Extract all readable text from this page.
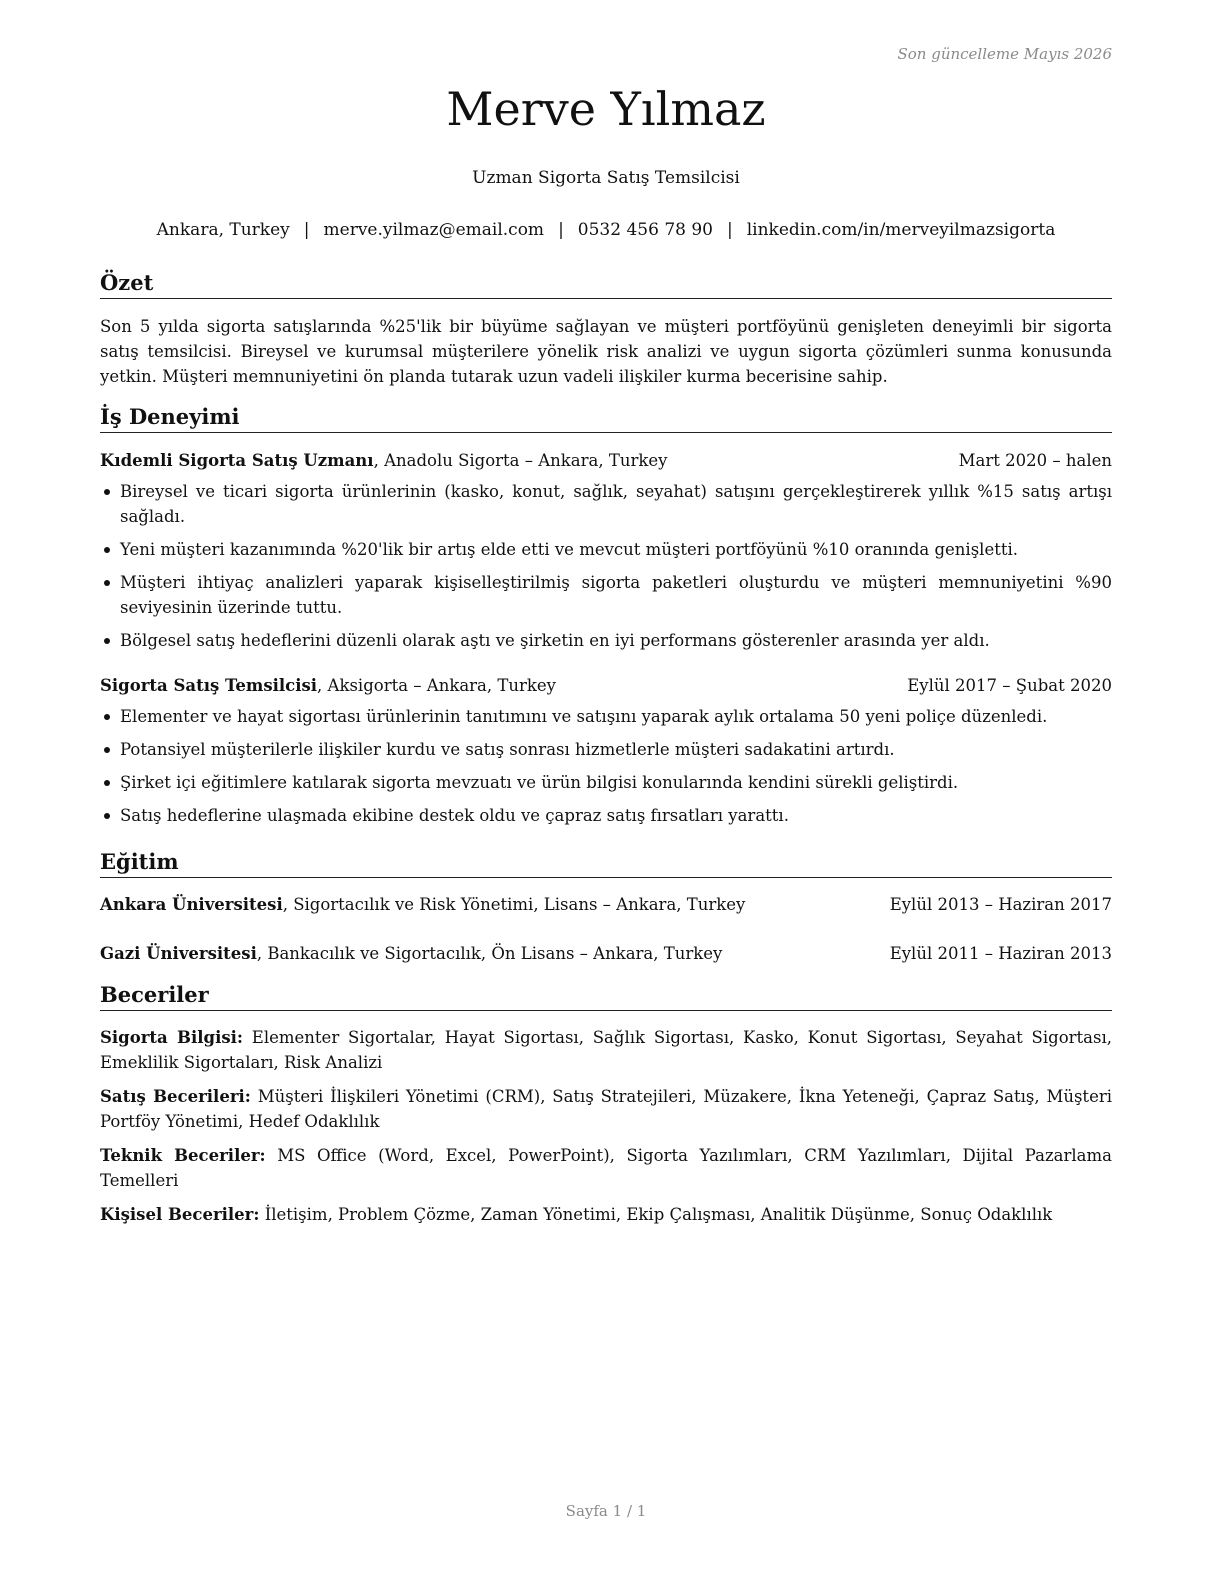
Son güncelleme Mayıs 2026
Merve Yılmaz
Uzman Sigorta Satış Temsilcisi
Ankara, Turkey | merve.yilmaz@email.com | 0532 456 78 90 | linkedin.com/in/merveyilmazsigorta
Özet
Son 5 yılda sigorta satışlarında %25'lik bir büyüme sağlayan ve müşteri portföyünü genişleten deneyimli bir sigorta satış temsilcisi. Bireysel ve kurumsal müşterilere yönelik risk analizi ve uygun sigorta çözümleri sunma konusunda yetkin. Müşteri memnuniyetini ön planda tutarak uzun vadeli ilişkiler kurma becerisine sahip.
İş Deneyimi
Kıdemli Sigorta Satış Uzmanı, Anadolu Sigorta – Ankara, Turkey	Mart 2020 – halen
Bireysel ve ticari sigorta ürünlerinin (kasko, konut, sağlık, seyahat) satışını gerçekleştirerek yıllık %15 satış artışı sağladı.
Yeni müşteri kazanımında %20'lik bir artış elde etti ve mevcut müşteri portföyünü %10 oranında genişletti.
Müşteri ihtiyaç analizleri yaparak kişiselleştirilmiş sigorta paketleri oluşturdu ve müşteri memnuniyetini %90 seviyesinin üzerinde tuttu.
Bölgesel satış hedeflerini düzenli olarak aştı ve şirketin en iyi performans gösterenler arasında yer aldı.
Sigorta Satış Temsilcisi, Aksigorta – Ankara, Turkey	Eylül 2017 – Şubat 2020
Elementer ve hayat sigortası ürünlerinin tanıtımını ve satışını yaparak aylık ortalama 50 yeni poliçe düzenledi.
Potansiyel müşterilerle ilişkiler kurdu ve satış sonrası hizmetlerle müşteri sadakatini artırdı.
Şirket içi eğitimlere katılarak sigorta mevzuatı ve ürün bilgisi konularında kendini sürekli geliştirdi.
Satış hedeflerine ulaşmada ekibine destek oldu ve çapraz satış fırsatları yarattı.
Eğitim
Ankara Üniversitesi, Sigortacılık ve Risk Yönetimi, Lisans – Ankara, Turkey	Eylül 2013 – Haziran 2017
Gazi Üniversitesi, Bankacılık ve Sigortacılık, Ön Lisans – Ankara, Turkey	Eylül 2011 – Haziran 2013
Beceriler
Sigorta Bilgisi: Elementer Sigortalar, Hayat Sigortası, Sağlık Sigortası, Kasko, Konut Sigortası, Seyahat Sigortası, Emeklilik Sigortaları, Risk Analizi
Satış Becerileri: Müşteri İlişkileri Yönetimi (CRM), Satış Stratejileri, Müzakere, İkna Yeteneği, Çapraz Satış, Müşteri Portföy Yönetimi, Hedef Odaklılık
Teknik Beceriler: MS Office (Word, Excel, PowerPoint), Sigorta Yazılımları, CRM Yazılımları, Dijital Pazarlama Temelleri
Kişisel Beceriler: İletişim, Problem Çözme, Zaman Yönetimi, Ekip Çalışması, Analitik Düşünme, Sonuç Odaklılık
Sayfa 1 / 1
